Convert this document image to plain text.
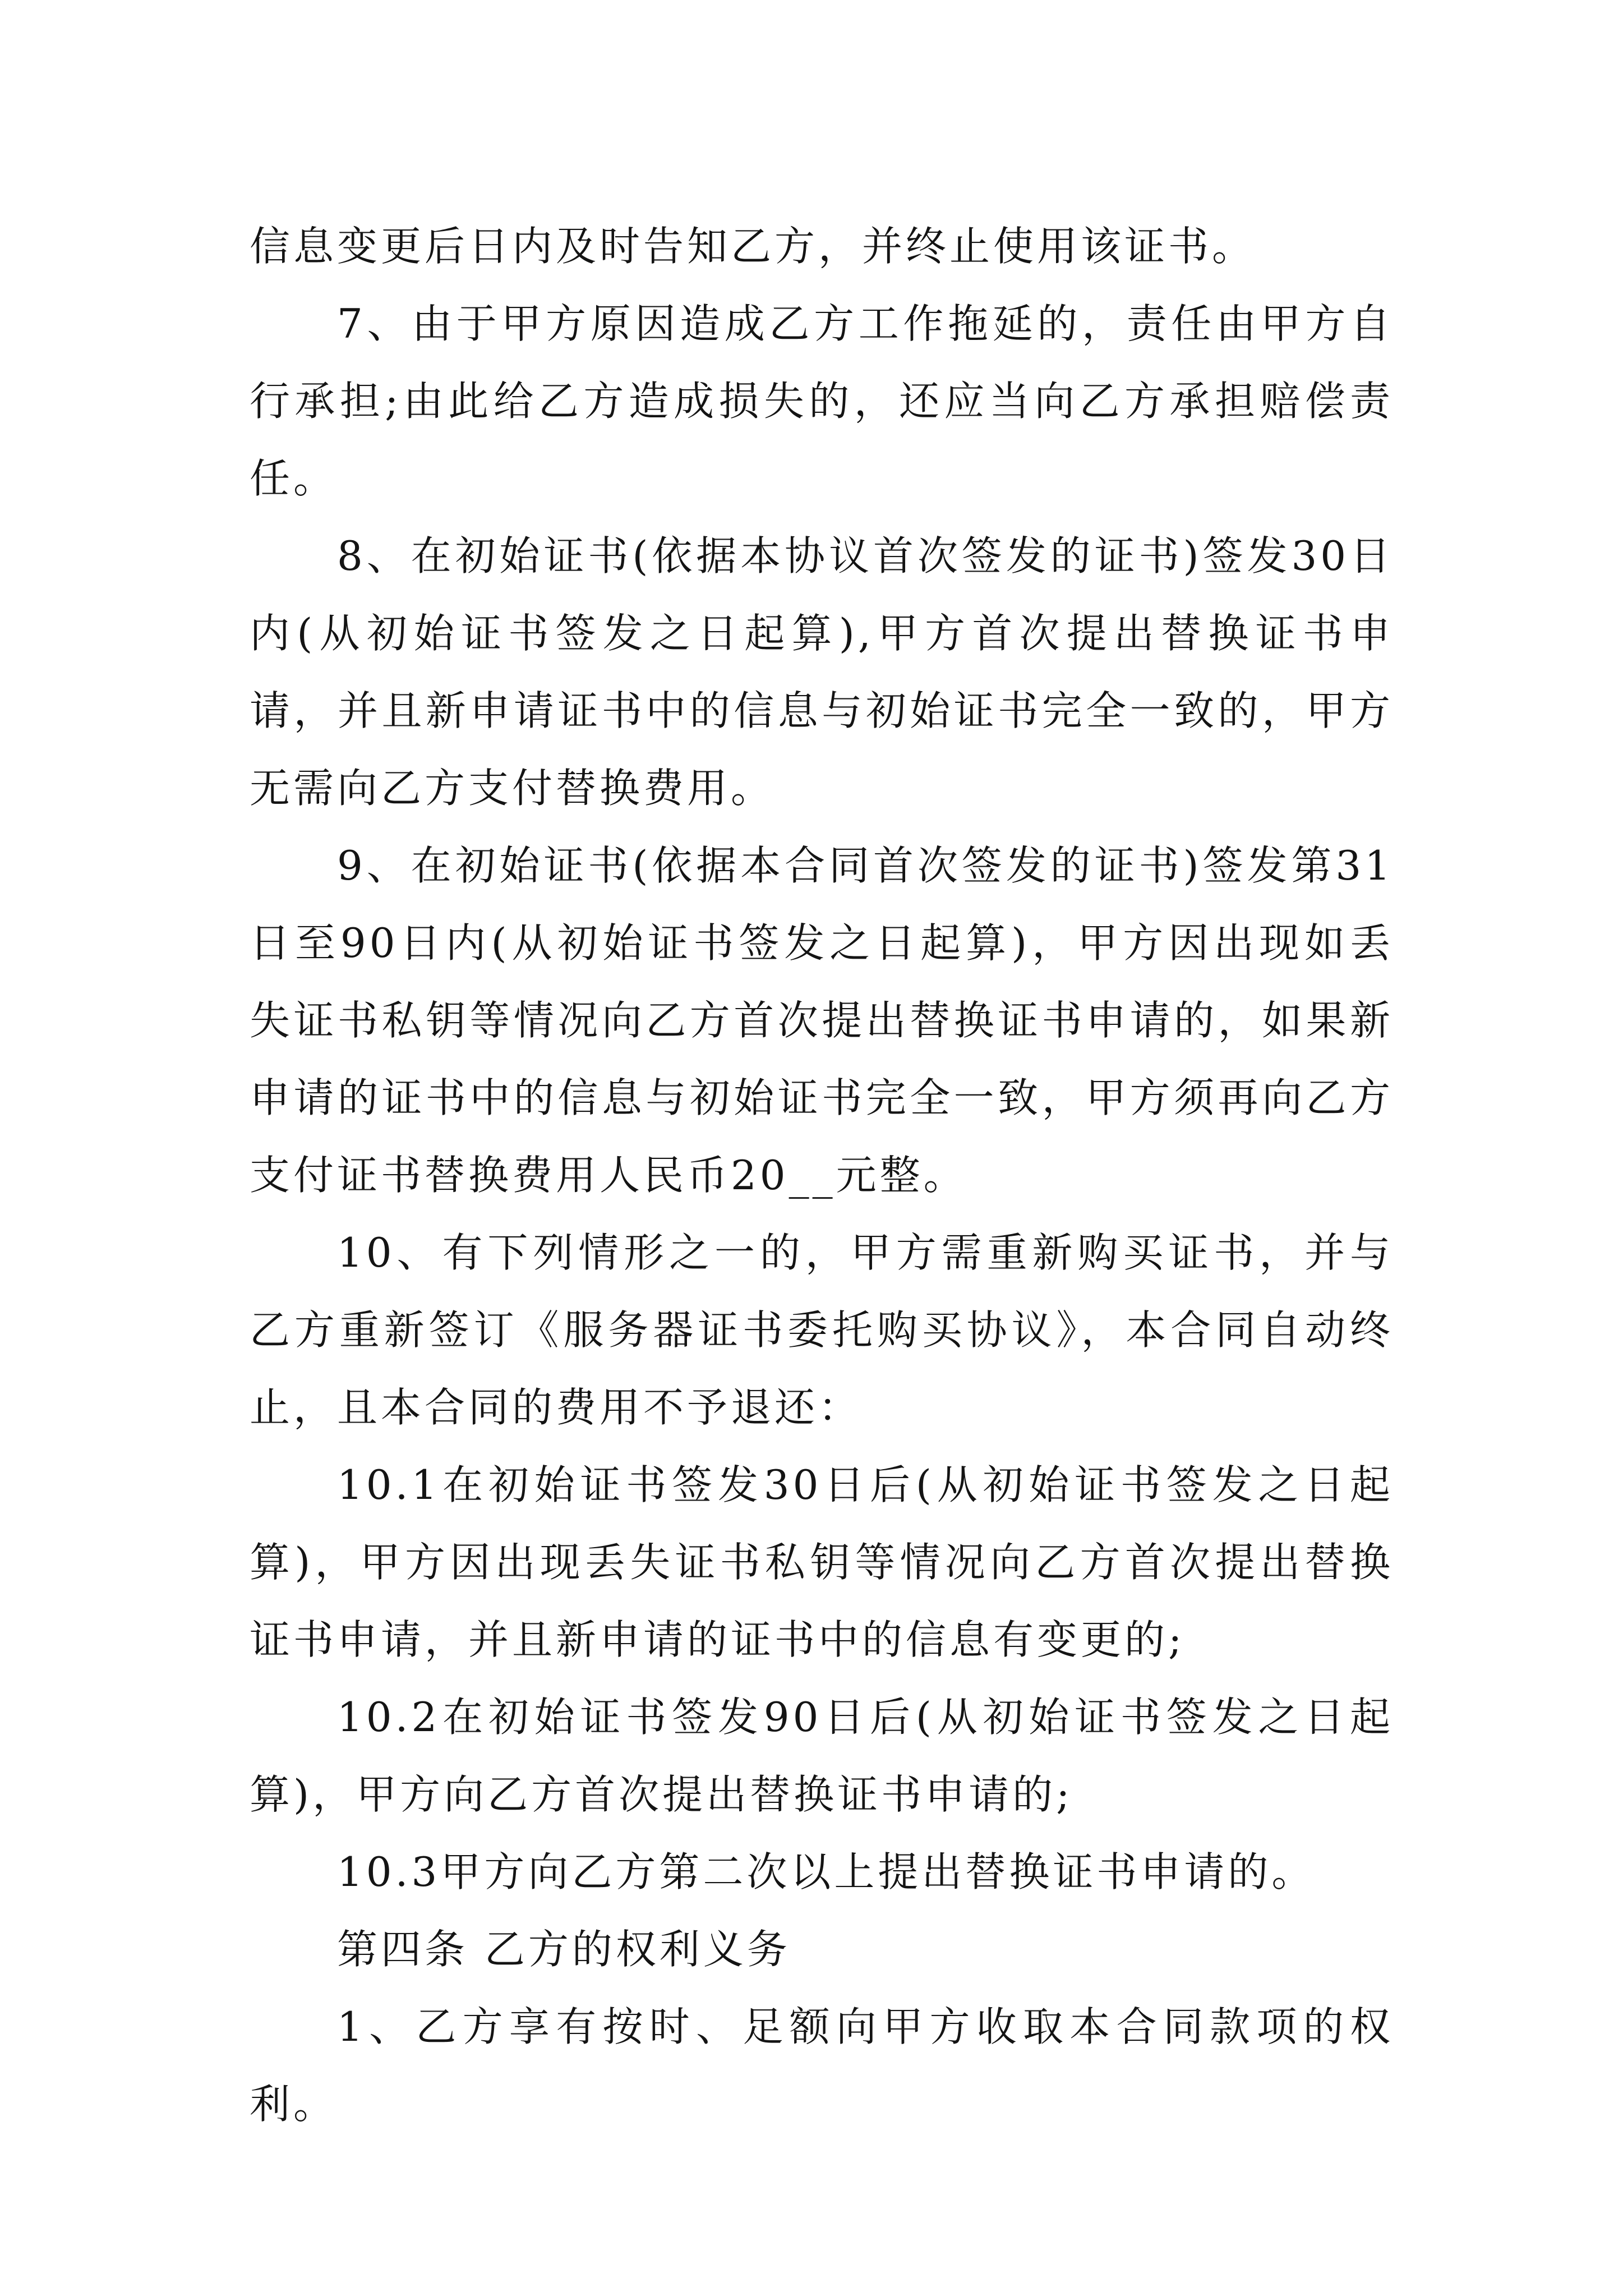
信息变更后日内及时告知乙方，并终止使用该证书。

7、由于甲方原因造成乙方工作拖延的，责任由甲方自行承担;由此给乙方造成损失的，还应当向乙方承担赔偿责任。

8、在初始证书(依据本协议首次签发的证书)签发30日内(从初始证书签发之日起算),甲方首次提出替换证书申请，并且新申请证书中的信息与初始证书完全一致的，甲方无需向乙方支付替换费用。

9、在初始证书(依据本合同首次签发的证书)签发第31日至90日内(从初始证书签发之日起算)，甲方因出现如丢失证书私钥等情况向乙方首次提出替换证书申请的，如果新申请的证书中的信息与初始证书完全一致，甲方须再向乙方支付证书替换费用人民币20__元整。

10、有下列情形之一的，甲方需重新购买证书，并与乙方重新签订《服务器证书委托购买协议》，本合同自动终止，且本合同的费用不予退还：

10.1在初始证书签发30日后(从初始证书签发之日起算)，甲方因出现丢失证书私钥等情况向乙方首次提出替换证书申请，并且新申请的证书中的信息有变更的;

10.2在初始证书签发90日后(从初始证书签发之日起算)，甲方向乙方首次提出替换证书申请的;

10.3甲方向乙方第二次以上提出替换证书申请的。

第四条 乙方的权利义务

1、乙方享有按时、足额向甲方收取本合同款项的权利。
